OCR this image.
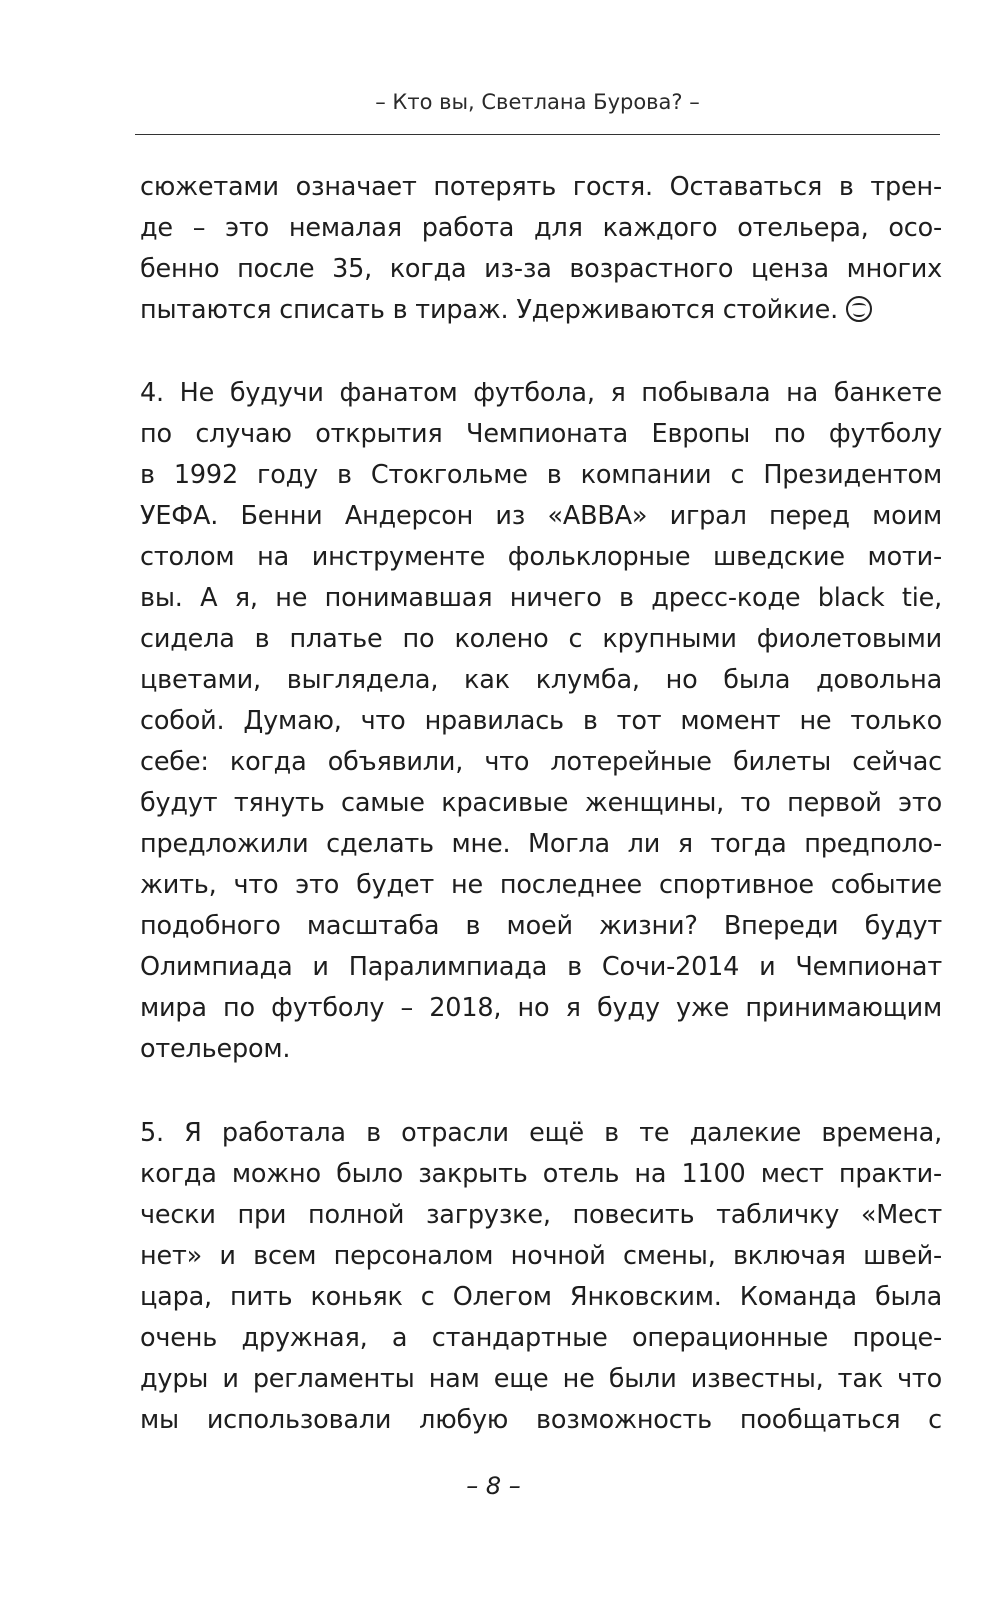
– Кто вы, Светлана Бурова? –
сюжетами означает потерять гостя. Оставаться в трен-
де – это немалая работа для каждого отельера, осо-
бенно после 35, когда из-за возрастного ценза многих
пытаются списать в тираж. Удерживаются стойкие.
4. Не будучи фанатом футбола, я побывала на банкете
по случаю открытия Чемпионата Европы по футболу
в 1992 году в Стокгольме в компании с Президентом
УЕФА. Бенни Андерсон из «ABBA» играл перед моим
столом на инструменте фольклорные шведские моти-
вы. А я, не понимавшая ничего в дресс-коде black tie,
сидела в платье по колено с крупными фиолетовыми
цветами, выглядела, как клумба, но была довольна
собой. Думаю, что нравилась в тот момент не только
себе: когда объявили, что лотерейные билеты сейчас
будут тянуть самые красивые женщины, то первой это
предложили сделать мне. Могла ли я тогда предполо-
жить, что это будет не последнее спортивное событие
подобного масштаба в моей жизни? Впереди будут
Олимпиада и Паралимпиада в Сочи-2014 и Чемпионат
мира по футболу – 2018, но я буду уже принимающим
отельером.
5. Я работала в отрасли ещё в те далекие времена,
когда можно было закрыть отель на 1100 мест практи-
чески при полной загрузке, повесить табличку «Мест
нет» и всем персоналом ночной смены, включая швей-
цара, пить коньяк с Олегом Янковским. Команда была
очень дружная, а стандартные операционные проце-
дуры и регламенты нам еще не были известны, так что
мы использовали любую возможность пообщаться с
– 8 –
